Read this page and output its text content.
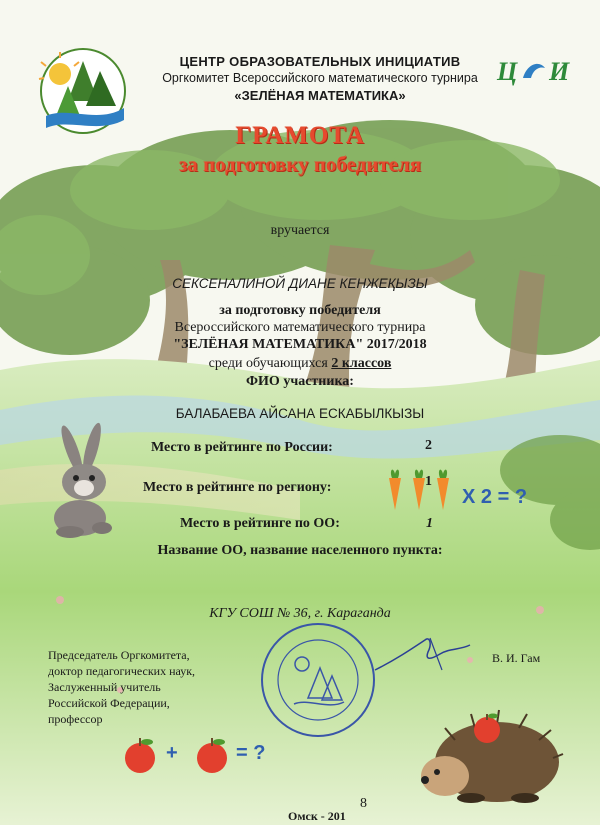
Ц И
ЦЕНТР ОБРАЗОВАТЕЛЬНЫХ ИНИЦИАТИВ
Оргкомитет Всероссийского математического турнира
«ЗЕЛЁНАЯ МАТЕМАТИКА»
ГРАМОТА
за подготовку победителя
вручается
СЕКСЕНАЛИНОЙ ДИАНЕ КЕНЖЕҚЫЗЫ
за подготовку победителя
Всероссийского математического турнира
"ЗЕЛЁНАЯ МАТЕМАТИКА" 2017/2018
среди обучающихся 2 классов
ФИО участника:
БАЛАБАЕВА АЙСАНА ЕСКАБЫЛКЫЗЫ
Место в рейтинге по России:	2
Место в рейтинге по региону:	1
Место в рейтинге по ОО:	1
Название ОО, название населенного пункта:
КГУ СОШ № 36, г. Караганда
Х 2 = ?
Председатель Оргкомитета,
доктор педагогических наук,
Заслуженный учитель
Российской Федерации,
профессор
В. И. Гам
+	= ?
Омск - 201
8
